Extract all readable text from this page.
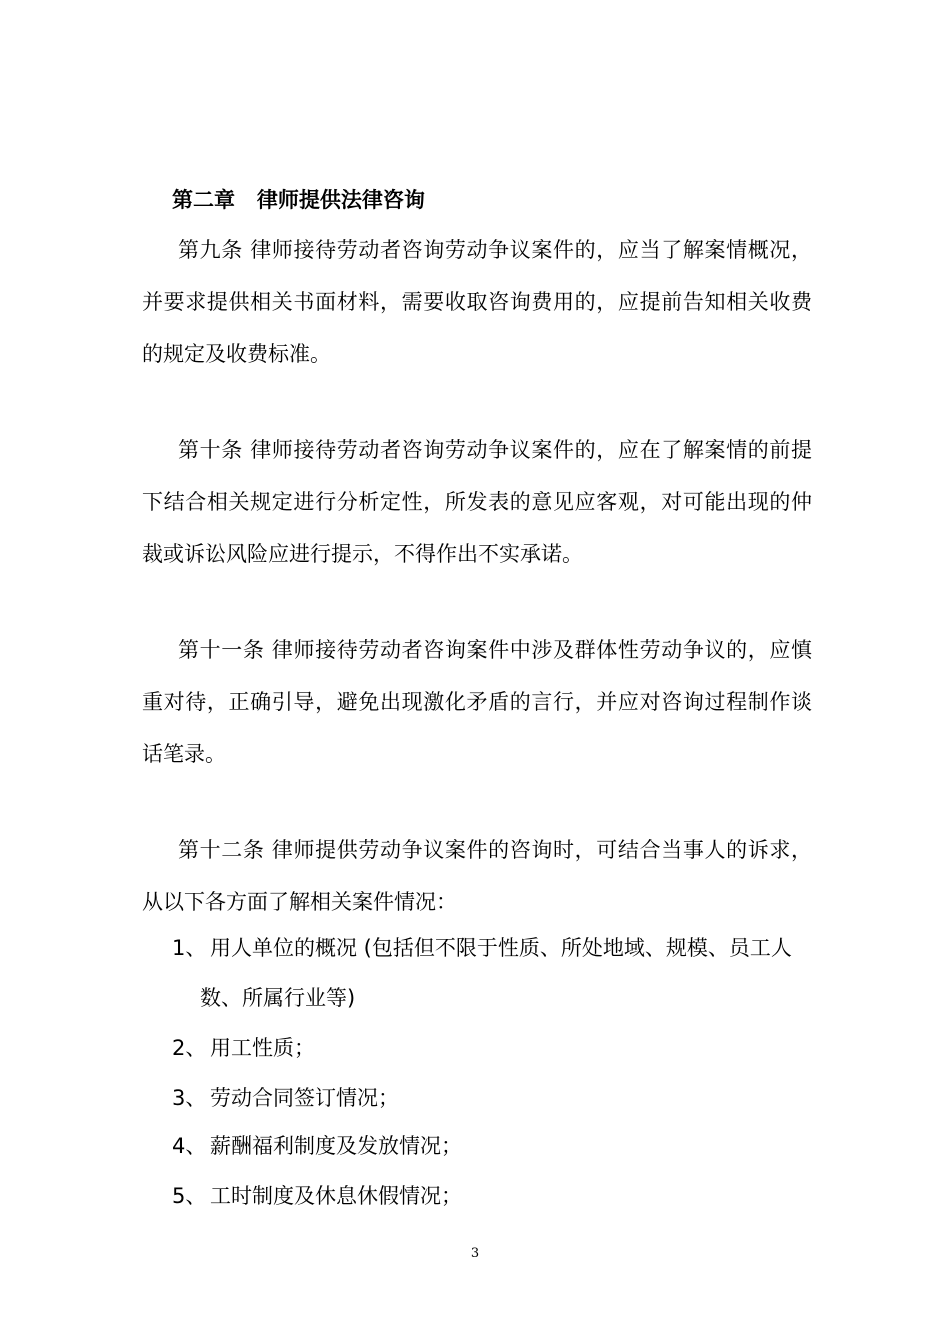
第二章   律师提供法律咨询

第九条 律师接待劳动者咨询劳动争议案件的，应当了解案情概况，并要求提供相关书面材料，需要收取咨询费用的，应提前告知相关收费的规定及收费标准。

第十条 律师接待劳动者咨询劳动争议案件的，应在了解案情的前提下结合相关规定进行分析定性，所发表的意见应客观，对可能出现的仲裁或诉讼风险应进行提示，不得作出不实承诺。

第十一条 律师接待劳动者咨询案件中涉及群体性劳动争议的，应慎重对待，正确引导，避免出现激化矛盾的言行，并应对咨询过程制作谈话笔录。

第十二条 律师提供劳动争议案件的咨询时，可结合当事人的诉求，从以下各方面了解相关案件情况：

1、 用人单位的概况 (包括但不限于性质、所处地域、规模、员工人
数、所属行业等)
2、 用工性质；
3、 劳动合同签订情况；
4、 薪酬福利制度及发放情况；
5、 工时制度及休息休假情况；
3
